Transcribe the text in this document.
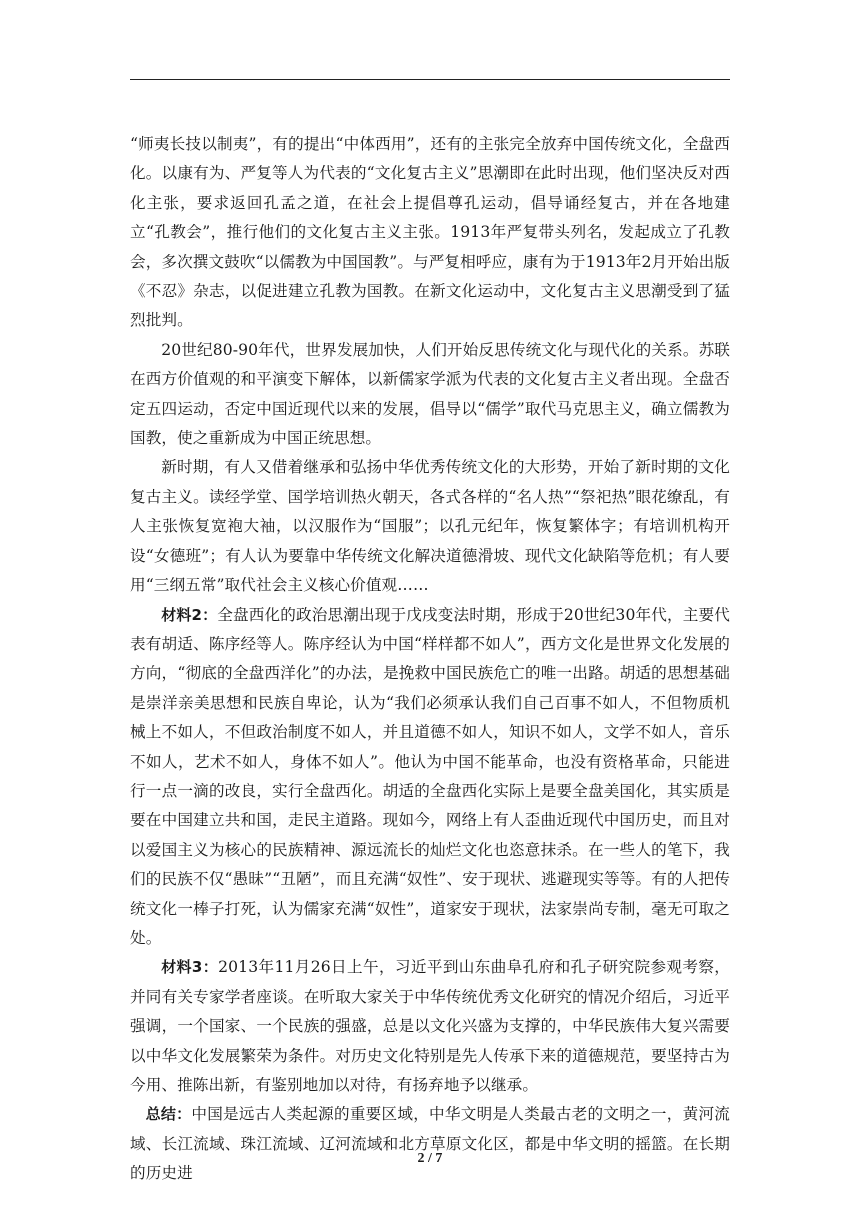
“师夷长技以制夷”，有的提出“中体西用”，还有的主张完全放弃中国传统文化，全盘西化。以康有为、严复等人为代表的“文化复古主义”思潮即在此时出现，他们坚决反对西化主张，要求返回孔孟之道，在社会上提倡尊孔运动，倡导诵经复古，并在各地建立“孔教会”，推行他们的文化复古主义主张。1913年严复带头列名，发起成立了孔教会，多次撰文鼓吹“以儒教为中国国教”。与严复相呼应，康有为于1913年2月开始出版《不忍》杂志，以促进建立孔教为国教。在新文化运动中，文化复古主义思潮受到了猛烈批判。

20世纪80-90年代，世界发展加快，人们开始反思传统文化与现代化的关系。苏联在西方价值观的和平演变下解体，以新儒家学派为代表的文化复古主义者出现。全盘否定五四运动，否定中国近现代以来的发展，倡导以“儒学”取代马克思主义，确立儒教为国教，使之重新成为中国正统思想。

新时期，有人又借着继承和弘扬中华优秀传统文化的大形势，开始了新时期的文化复古主义。读经学堂、国学培训热火朝天，各式各样的“名人热”“祭祀热”眼花缭乱，有人主张恢复宽袍大袖，以汉服作为“国服”；以孔元纪年，恢复繁体字；有培训机构开设“女德班”；有人认为要靠中华传统文化解决道德滑坡、现代文化缺陷等危机；有人要用“三纲五常”取代社会主义核心价值观……

材料2：全盘西化的政治思潮出现于戊戌变法时期，形成于20世纪30年代，主要代表有胡适、陈序经等人。陈序经认为中国“样样都不如人”，西方文化是世界文化发展的方向，“彻底的全盘西洋化”的办法，是挽救中国民族危亡的唯一出路。胡适的思想基础是崇洋亲美思想和民族自卑论，认为“我们必须承认我们自己百事不如人，不但物质机械上不如人，不但政治制度不如人，并且道德不如人，知识不如人，文学不如人，音乐不如人，艺术不如人，身体不如人”。他认为中国不能革命，也没有资格革命，只能进行一点一滴的改良，实行全盘西化。胡适的全盘西化实际上是要全盘美国化，其实质是要在中国建立共和国，走民主道路。现如今，网络上有人歪曲近现代中国历史，而且对以爱国主义为核心的民族精神、源远流长的灿烂文化也恣意抹杀。在一些人的笔下，我们的民族不仅“愚昧”“丑陋”，而且充满“奴性”、安于现状、逃避现实等等。有的人把传统文化一棒子打死，认为儒家充满“奴性”，道家安于现状，法家崇尚专制，毫无可取之处。

材料3：2013年11月26日上午，习近平到山东曲阜孔府和孔子研究院参观考察，并同有关专家学者座谈。在听取大家关于中华传统优秀文化研究的情况介绍后，习近平强调，一个国家、一个民族的强盛，总是以文化兴盛为支撑的，中华民族伟大复兴需要以中华文化发展繁荣为条件。对历史文化特别是先人传承下来的道德规范，要坚持古为今用、推陈出新，有鉴别地加以对待，有扬弃地予以继承。

总结：中国是远古人类起源的重要区域，中华文明是人类最古老的文明之一，黄河流域、长江流域、珠江流域、辽河流域和北方草原文化区，都是中华文明的摇篮。在长期的历史进

2 / 7
